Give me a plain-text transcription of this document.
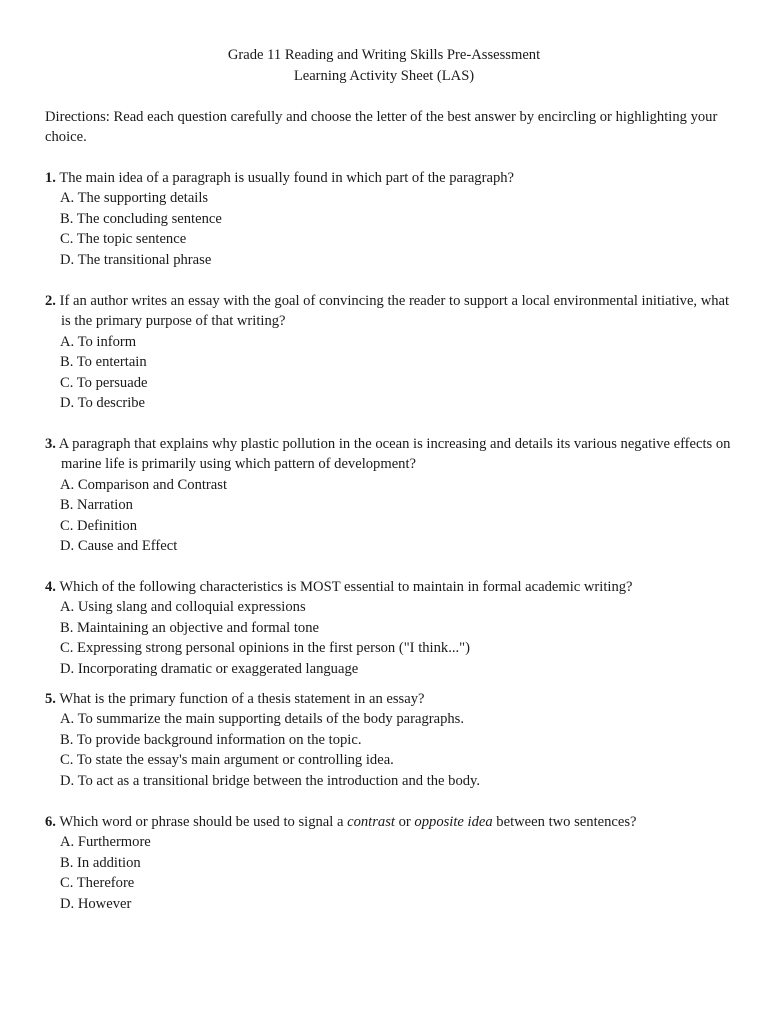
Grade 11 Reading and Writing Skills Pre-Assessment
Learning Activity Sheet (LAS)
Directions: Read each question carefully and choose the letter of the best answer by encircling or highlighting your choice.
1. The main idea of a paragraph is usually found in which part of the paragraph?
A. The supporting details
B. The concluding sentence
C. The topic sentence
D. The transitional phrase
2. If an author writes an essay with the goal of convincing the reader to support a local environmental initiative, what is the primary purpose of that writing?
A. To inform
B. To entertain
C. To persuade
D. To describe
3. A paragraph that explains why plastic pollution in the ocean is increasing and details its various negative effects on marine life is primarily using which pattern of development?
A. Comparison and Contrast
B. Narration
C. Definition
D. Cause and Effect
4. Which of the following characteristics is MOST essential to maintain in formal academic writing?
A. Using slang and colloquial expressions
B. Maintaining an objective and formal tone
C. Expressing strong personal opinions in the first person ("I think...")
D. Incorporating dramatic or exaggerated language
5. What is the primary function of a thesis statement in an essay?
A. To summarize the main supporting details of the body paragraphs.
B. To provide background information on the topic.
C. To state the essay's main argument or controlling idea.
D. To act as a transitional bridge between the introduction and the body.
6. Which word or phrase should be used to signal a contrast or opposite idea between two sentences?
A. Furthermore
B. In addition
C. Therefore
D. However
